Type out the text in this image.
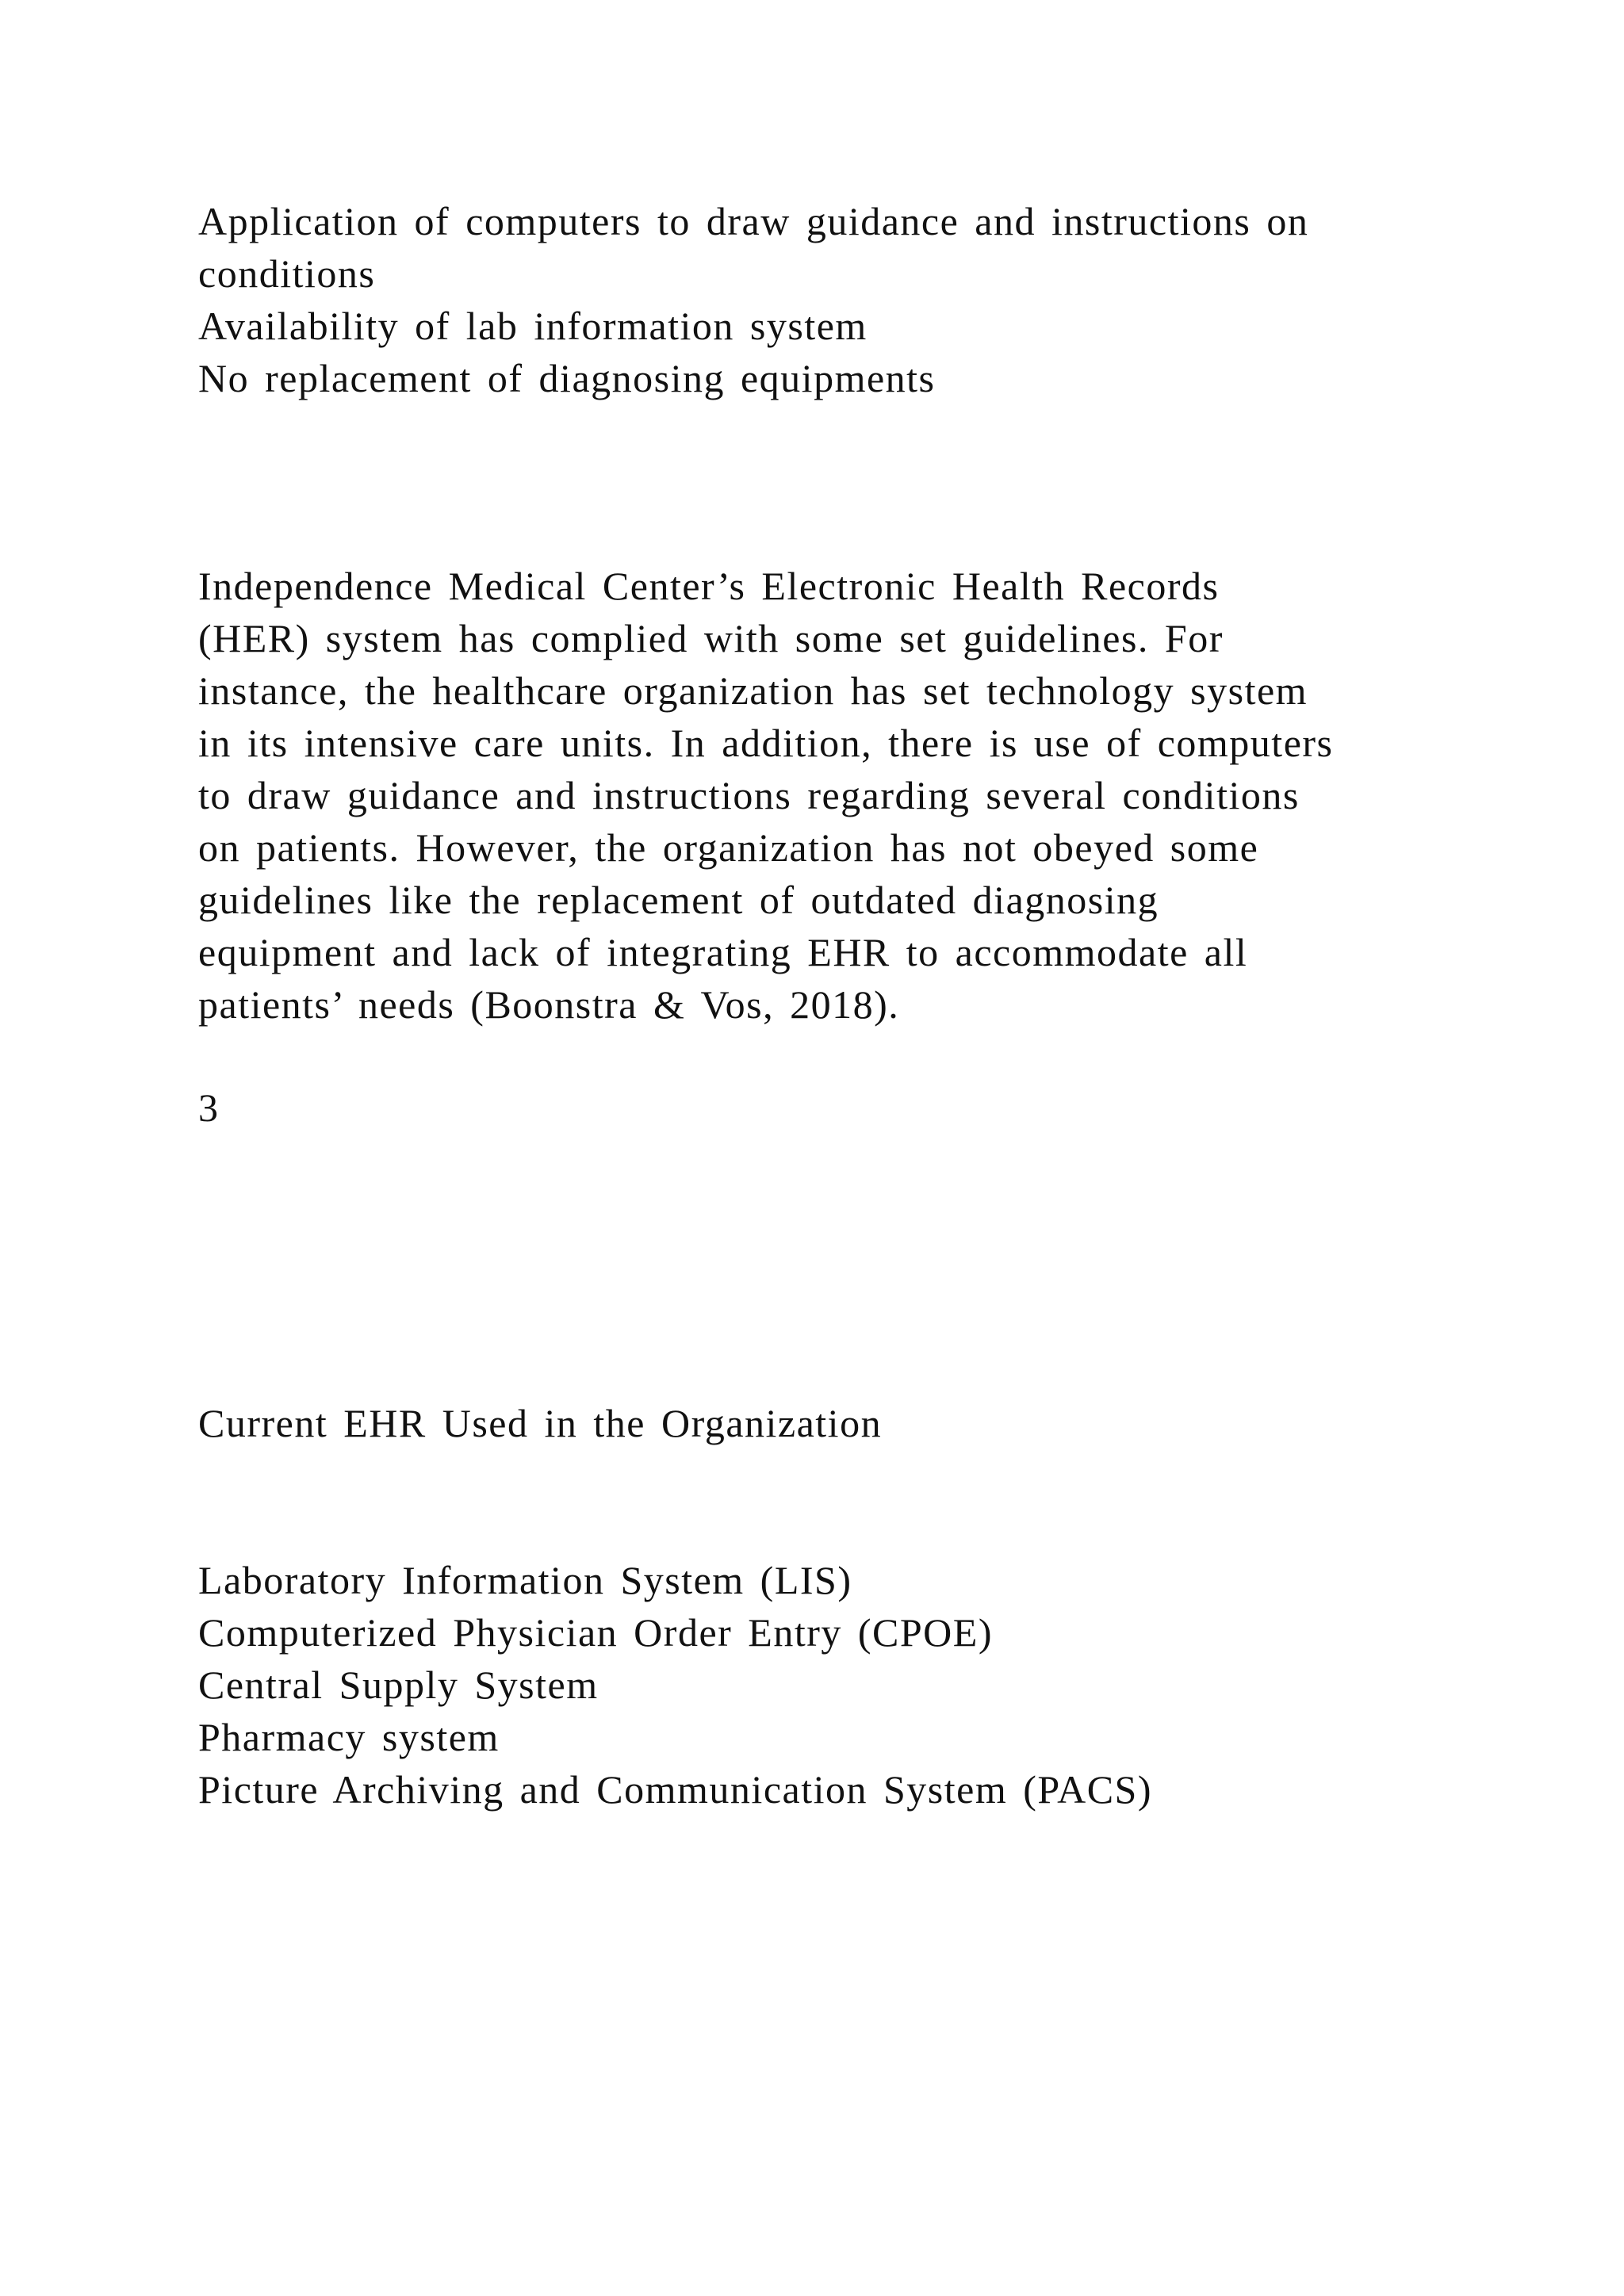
Application of computers to draw guidance and instructions on
conditions
Availability of lab information system
No replacement of diagnosing equipments
Independence Medical Center’s Electronic Health Records
(HER) system has complied with some set guidelines. For
instance, the healthcare organization has set technology system
in its intensive care units. In addition, there is use of computers
to draw guidance and instructions regarding several conditions
on patients. However, the organization has not obeyed some
guidelines like the replacement of outdated diagnosing
equipment and lack of integrating EHR to accommodate all
patients’ needs (Boonstra & Vos, 2018).
3
Current EHR Used in the Organization
Laboratory Information System (LIS)
Computerized Physician Order Entry (CPOE)
Central Supply System
Pharmacy system
Picture Archiving and Communication System (PACS)
